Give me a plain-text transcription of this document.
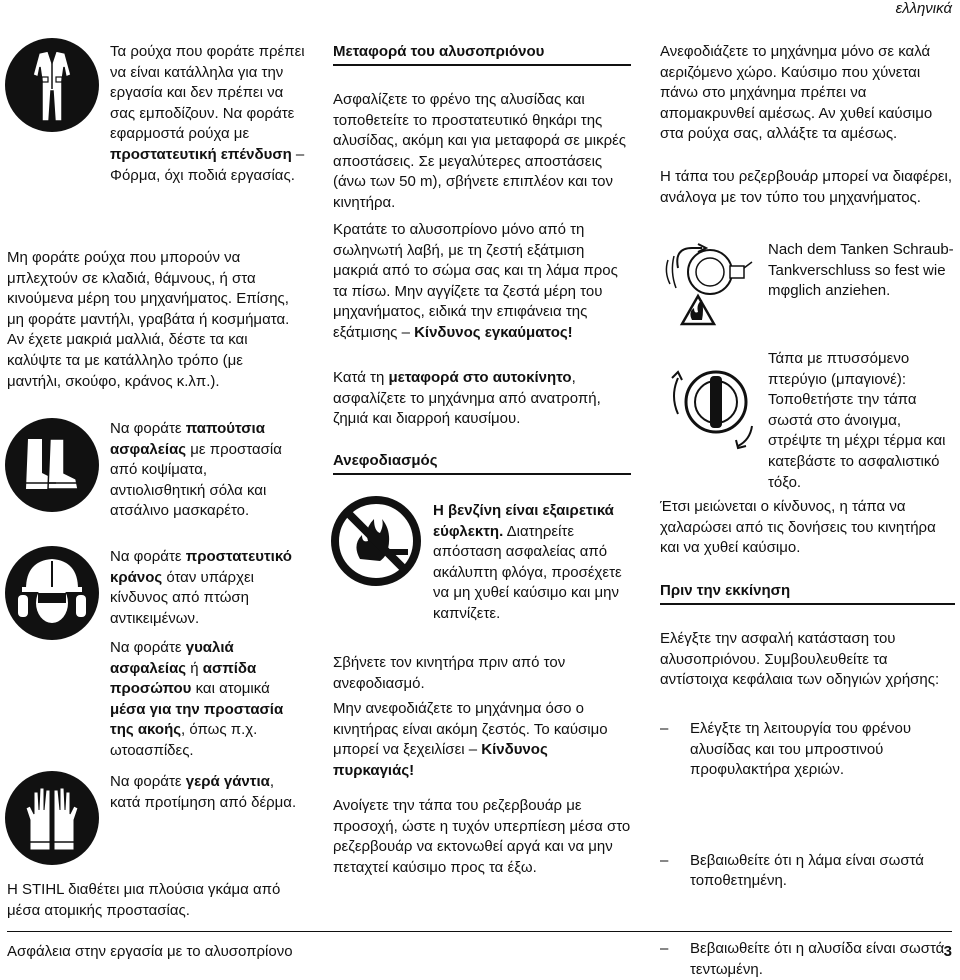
ελληνικά
Τα ρούχα που φοράτε πρέπει να είναι κατάλληλα για την εργασία και δεν πρέπει να σας εμποδίζουν. Να φοράτε εφαρμοστά ρούχα με προστατευτική επένδυση – Φόρμα, όχι ποδιά εργασίας.
Μη φοράτε ρούχα που μπορούν να μπλεχτούν σε κλαδιά, θάμνους, ή στα κινούμενα μέρη του μηχανήματος. Επίσης, μη φοράτε μαντήλι, γραβάτα ή κοσμήματα. Αν έχετε μακριά μαλλιά, δέστε τα και καλύψτε τα με κατάλληλο τρόπο (με μαντήλι, σκούφο, κράνος κ.λπ.).
Να φοράτε παπούτσια ασφαλείας με προστασία από κοψίματα, αντιολισθητική σόλα και ατσάλινο μασκαρέτο.
Να φοράτε προστατευτικό κράνος όταν υπάρχει κίνδυνος από πτώση αντικειμένων.
Να φοράτε γυαλιά ασφαλείας ή ασπίδα προσώπου και ατομικά μέσα για την προστασία της ακοής, όπως π.χ. ωτοασπίδες.
Να φοράτε γερά γάντια, κατά προτίμηση από δέρμα.
Η STIHL διαθέτει μια πλούσια γκάμα από μέσα ατομικής προστασίας.
Μεταφορά του αλυσοπριόνου
Ασφαλίζετε το φρένο της αλυσίδας και τοποθετείτε το προστατευτικό θηκάρι της αλυσίδας, ακόμη και για μεταφορά σε μικρές αποστάσεις. Σε μεγαλύτερες αποστάσεις (άνω των 50 m), σβήνετε επιπλέον και τον κινητήρα.
Κρατάτε το αλυσοπρίονο μόνο από τη σωληνωτή λαβή, με τη ζεστή εξάτμιση μακριά από το σώμα σας και τη λάμα προς τα πίσω. Μην αγγίζετε τα ζεστά μέρη του μηχανήματος, ειδικά την επιφάνεια της εξάτμισης – Κίνδυνος εγκαύματος!
Κατά τη μεταφορά στο αυτοκίνητο, ασφαλίζετε το μηχάνημα από ανατροπή, ζημιά και διαρροή καυσίμου.
Ανεφοδιασμός
Η βενζίνη είναι εξαιρετικά εύφλεκτη. Διατηρείτε απόσταση ασφαλείας από ακάλυπτη φλόγα, προσέχετε να μη χυθεί καύσιμο και μην καπνίζετε.
Σβήνετε τον κινητήρα πριν από τον ανεφοδιασμό.
Μην ανεφοδιάζετε το μηχάνημα όσο ο κινητήρας είναι ακόμη ζεστός. Το καύσιμο μπορεί να ξεχειλίσει – Κίνδυνος πυρκαγιάς!
Ανοίγετε την τάπα του ρεζερβουάρ με προσοχή, ώστε η τυχόν υπερπίεση μέσα στο ρεζερβουάρ να εκτονωθεί αργά και να μην πεταχτεί καύσιμο προς τα έξω.
Ανεφοδιάζετε το μηχάνημα μόνο σε καλά αεριζόμενο χώρο. Καύσιμο που χύνεται πάνω στο μηχάνημα πρέπει να απομακρυνθεί αμέσως. Αν χυθεί καύσιμο στα ρούχα σας, αλλάξτε τα αμέσως.
Η τάπα του ρεζερβουάρ μπορεί να διαφέρει, ανάλογα με τον τύπο του μηχανήματος.
Nach dem Tanken Schraub-Tankverschluss so fest wie mφglich anziehen.
Τάπα με πτυσσόμενο πτερύγιο (μπαγιονέ): Τοποθετήστε την τάπα σωστά στο άνοιγμα, στρέψτε τη μέχρι τέρμα και κατεβάστε το ασφαλιστικό τόξο.
Έτσι μειώνεται ο κίνδυνος, η τάπα να χαλαρώσει από τις δονήσεις του κινητήρα και να χυθεί καύσιμο.
Πριν την εκκίνηση
Ελέγξτε την ασφαλή κατάσταση του αλυσοπριόνου. Συμβουλευθείτε τα αντίστοιχα κεφάλαια των οδηγιών χρήσης:
– Ελέγξτε τη λειτουργία του φρένου αλυσίδας και του μπροστινού προφυλακτήρα χεριών.
– Βεβαιωθείτε ότι η λάμα είναι σωστά τοποθετημένη.
– Βεβαιωθείτε ότι η αλυσίδα είναι σωστά τεντωμένη.
Ασφάλεια στην εργασία με το αλυσοπρίονο	3
